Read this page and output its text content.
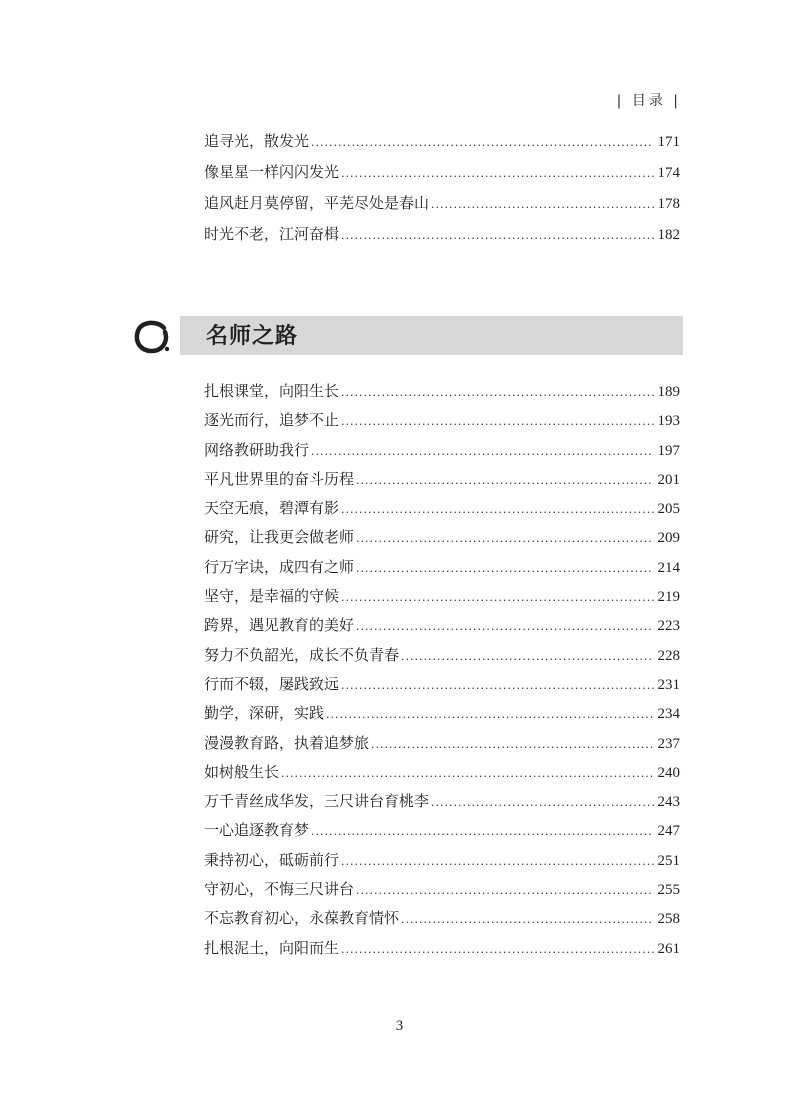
| 目录 |
追寻光，散发光 .....	171
像星星一样闪闪发光 .....	174
追风赶月莫停留，平芜尽处是春山 .....	178
时光不老，江河奋楫 .....	182
名师之路
扎根课堂，向阳生长 .....	189
逐光而行，追梦不止 .....	193
网络教研助我行 .....	197
平凡世界里的奋斗历程 .....	201
天空无痕，碧潭有影 .....	205
研究，让我更会做老师 .....	209
行万字诀，成四有之师 .....	214
坚守，是幸福的守候 .....	219
跨界，遇见教育的美好 .....	223
努力不负韶光，成长不负青春 .....	228
行而不辍，屡践致远 .....	231
勤学，深研，实践 .....	234
漫漫教育路，执着追梦旅 .....	237
如树般生长 .....	240
万千青丝成华发，三尺讲台育桃李 .....	243
一心追逐教育梦 .....	247
秉持初心，砥砺前行 .....	251
守初心，不悔三尺讲台 .....	255
不忘教育初心，永葆教育情怀 .....	258
扎根泥土，向阳而生 .....	261
3
